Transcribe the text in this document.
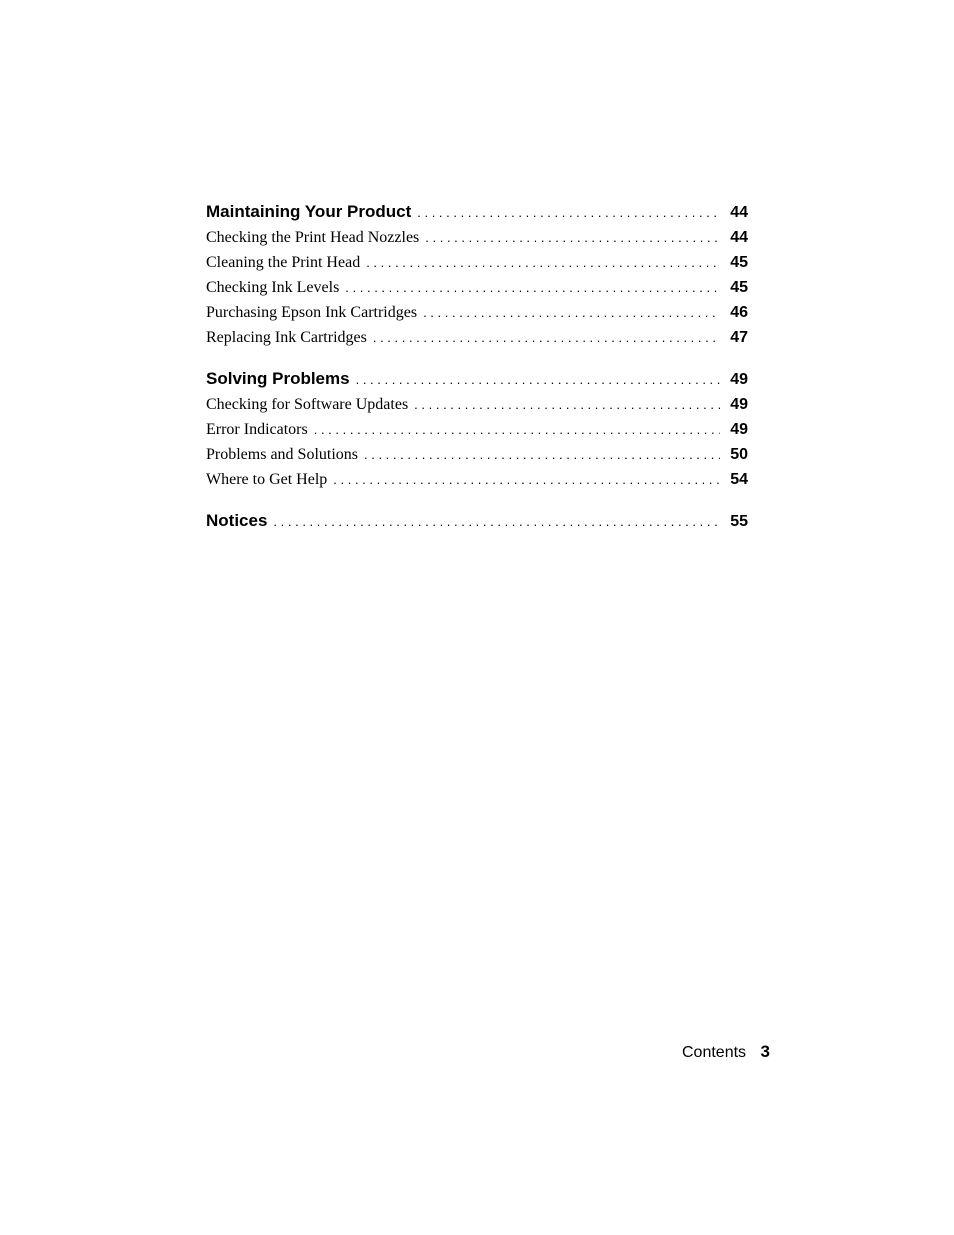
Maintaining Your Product . . .	44
Checking the Print Head Nozzles . . .	44
Cleaning the Print Head . . .	45
Checking Ink Levels . . .	45
Purchasing Epson Ink Cartridges . . .	46
Replacing Ink Cartridges . . .	47
Solving Problems . . .	49
Checking for Software Updates . . .	49
Error Indicators . . .	49
Problems and Solutions . . .	50
Where to Get Help . . .	54
Notices . . .	55
Contents 3
